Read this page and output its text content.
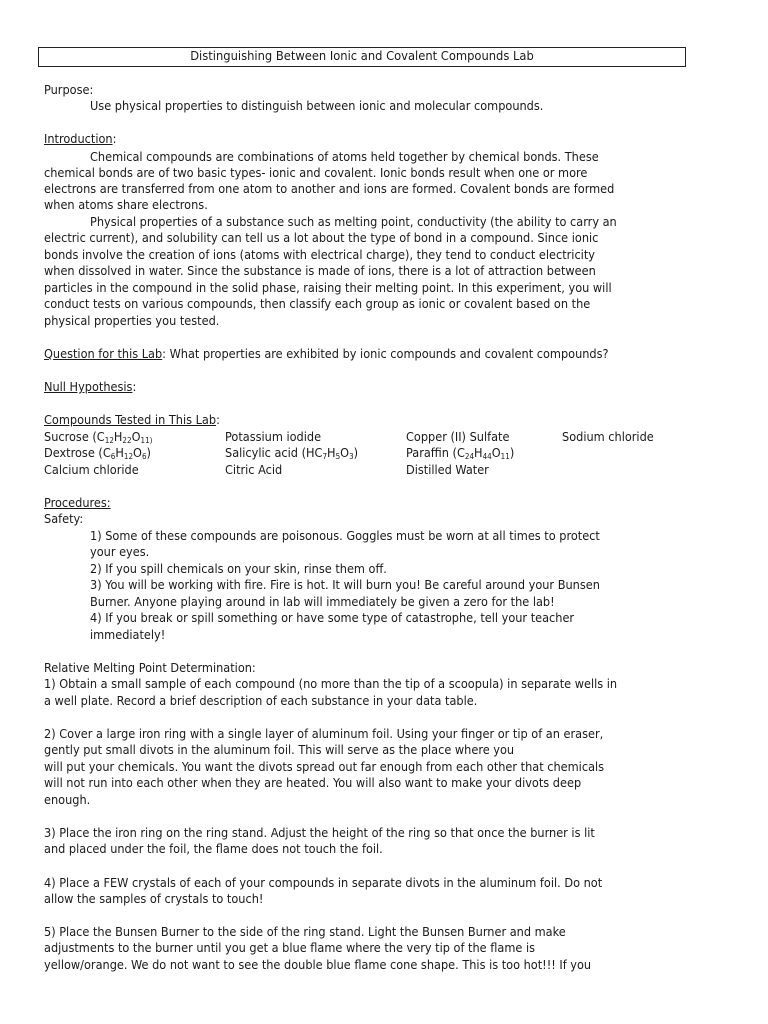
Distinguishing Between Ionic and Covalent Compounds Lab
Purpose:
Use physical properties to distinguish between ionic and molecular compounds.
Introduction:
Chemical compounds are combinations of atoms held together by chemical bonds. These
chemical bonds are of two basic types- ionic and covalent. Ionic bonds result when one or more
electrons are transferred from one atom to another and ions are formed. Covalent bonds are formed
when atoms share electrons.
Physical properties of a substance such as melting point, conductivity (the ability to carry an
electric current), and solubility can tell us a lot about the type of bond in a compound. Since ionic
bonds involve the creation of ions (atoms with electrical charge), they tend to conduct electricity
when dissolved in water. Since the substance is made of ions, there is a lot of attraction between
particles in the compound in the solid phase, raising their melting point. In this experiment, you will
conduct tests on various compounds, then classify each group as ionic or covalent based on the
physical properties you tested.
Question for this Lab: What properties are exhibited by ionic compounds and covalent compounds?
Null Hypothesis:
Compounds Tested in This Lab:
Sucrose ($C_{12}H_{22}O_{11)}$
Dextrose $(C_6H_{12}O_6)$
Calcium chloride
Potassium iodide
Salicylic acid $(HC_7H_5O_3)$
Citric Acid
Copper (II) Sulfate
Paraffin $(C_{24}H_{44}O_{11})$
Distilled Water
Sodium chloride
Procedures:
Safety:
1) Some of these compounds are poisonous. Goggles must be worn at all times to protect
your eyes.
2) If you spill chemicals on your skin, rinse them off.
3) You will be working with fire. Fire is hot. It will burn you! Be careful around your Bunsen
Burner. Anyone playing around in lab will immediately be given a zero for the lab!
4) If you break or spill something or have some type of catastrophe, tell your teacher
immediately!
Relative Melting Point Determination:
1) Obtain a small sample of each compound (no more than the tip of a scoopula) in separate wells in
a well plate. Record a brief description of each substance in your data table.
2) Cover a large iron ring with a single layer of aluminum foil. Using your finger or tip of an eraser,
gently put small divots in the aluminum foil. This will serve as the place where you
will put your chemicals. You want the divots spread out far enough from each other that chemicals
will not run into each other when they are heated. You will also want to make your divots deep
enough.
3) Place the iron ring on the ring stand. Adjust the height of the ring so that once the burner is lit
and placed under the foil, the flame does not touch the foil.
4) Place a FEW crystals of each of your compounds in separate divots in the aluminum foil. Do not
allow the samples of crystals to touch!
5) Place the Bunsen Burner to the side of the ring stand. Light the Bunsen Burner and make
adjustments to the burner until you get a blue flame where the very tip of the flame is
yellow/orange. We do not want to see the double blue flame cone shape. This is too hot!!! If you
